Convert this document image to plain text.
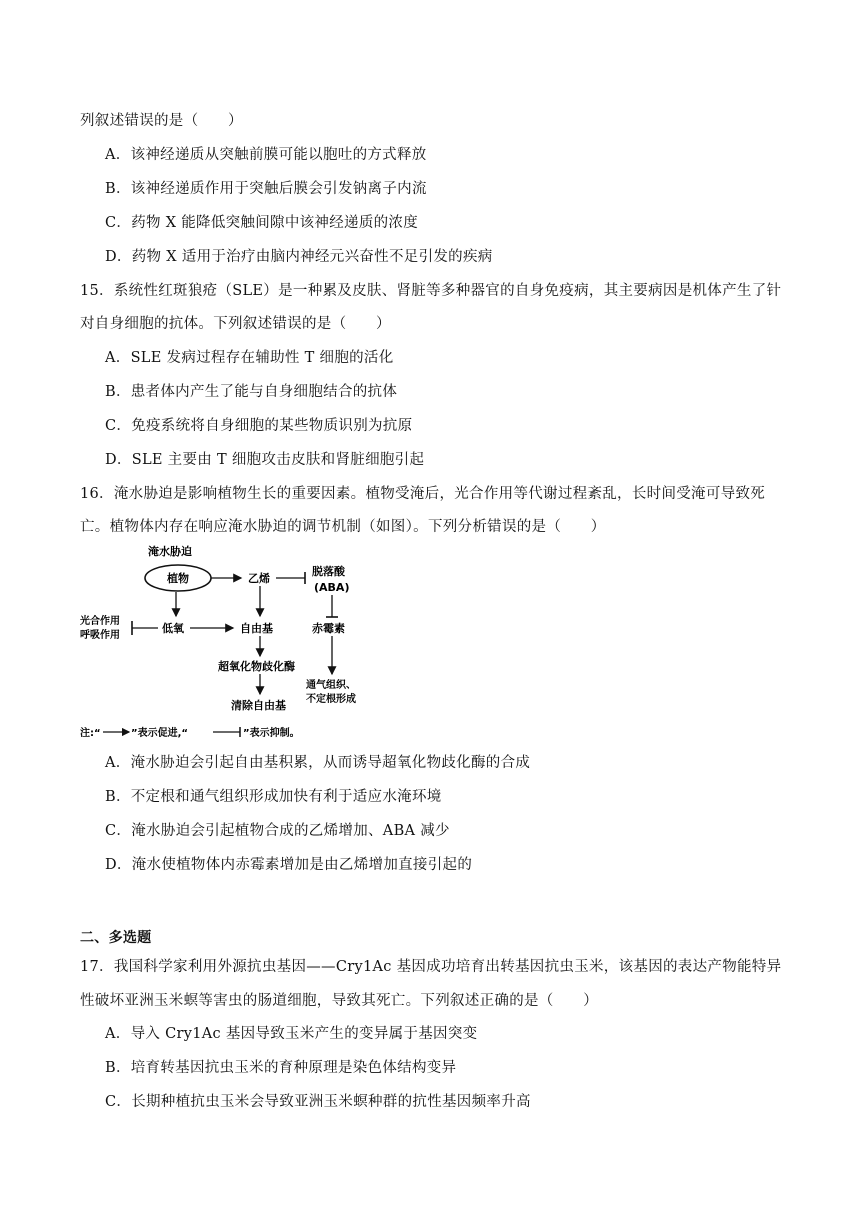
列叙述错误的是（　　）
A．该神经递质从突触前膜可能以胞吐的方式释放
B．该神经递质作用于突触后膜会引发钠离子内流
C．药物 X 能降低突触间隙中该神经递质的浓度
D．药物 X 适用于治疗由脑内神经元兴奋性不足引发的疾病
15．系统性红斑狼疮（SLE）是一种累及皮肤、肾脏等多种器官的自身免疫病，其主要病因是机体产生了针
对自身细胞的抗体。下列叙述错误的是（　　）
A．SLE 发病过程存在辅助性 T 细胞的活化
B．患者体内产生了能与自身细胞结合的抗体
C．免疫系统将自身细胞的某些物质识别为抗原
D．SLE 主要由 T 细胞攻击皮肤和肾脏细胞引起
16．淹水胁迫是影响植物生长的重要因素。植物受淹后，光合作用等代谢过程紊乱，长时间受淹可导致死
亡。植物体内存在响应淹水胁迫的调节机制（如图）。下列分析错误的是（　　）
淹水胁迫
植物	乙烯
脱落酸
(ABA)
光合作用
呼吸作用
低氧	自由基	赤霉素
超氧化物歧化酶
清除自由基
通气组织、
不定根形成
注:“	”表示促进,“	”表示抑制。
A．淹水胁迫会引起自由基积累，从而诱导超氧化物歧化酶的合成
B．不定根和通气组织形成加快有利于适应水淹环境
C．淹水胁迫会引起植物合成的乙烯增加、ABA 减少
D．淹水使植物体内赤霉素增加是由乙烯增加直接引起的
二、多选题
17．我国科学家利用外源抗虫基因——Cry1Ac 基因成功培育出转基因抗虫玉米，该基因的表达产物能特异
性破坏亚洲玉米螟等害虫的肠道细胞，导致其死亡。下列叙述正确的是（　　）
A．导入 Cry1Ac 基因导致玉米产生的变异属于基因突变
B．培育转基因抗虫玉米的育种原理是染色体结构变异
C．长期种植抗虫玉米会导致亚洲玉米螟种群的抗性基因频率升高
